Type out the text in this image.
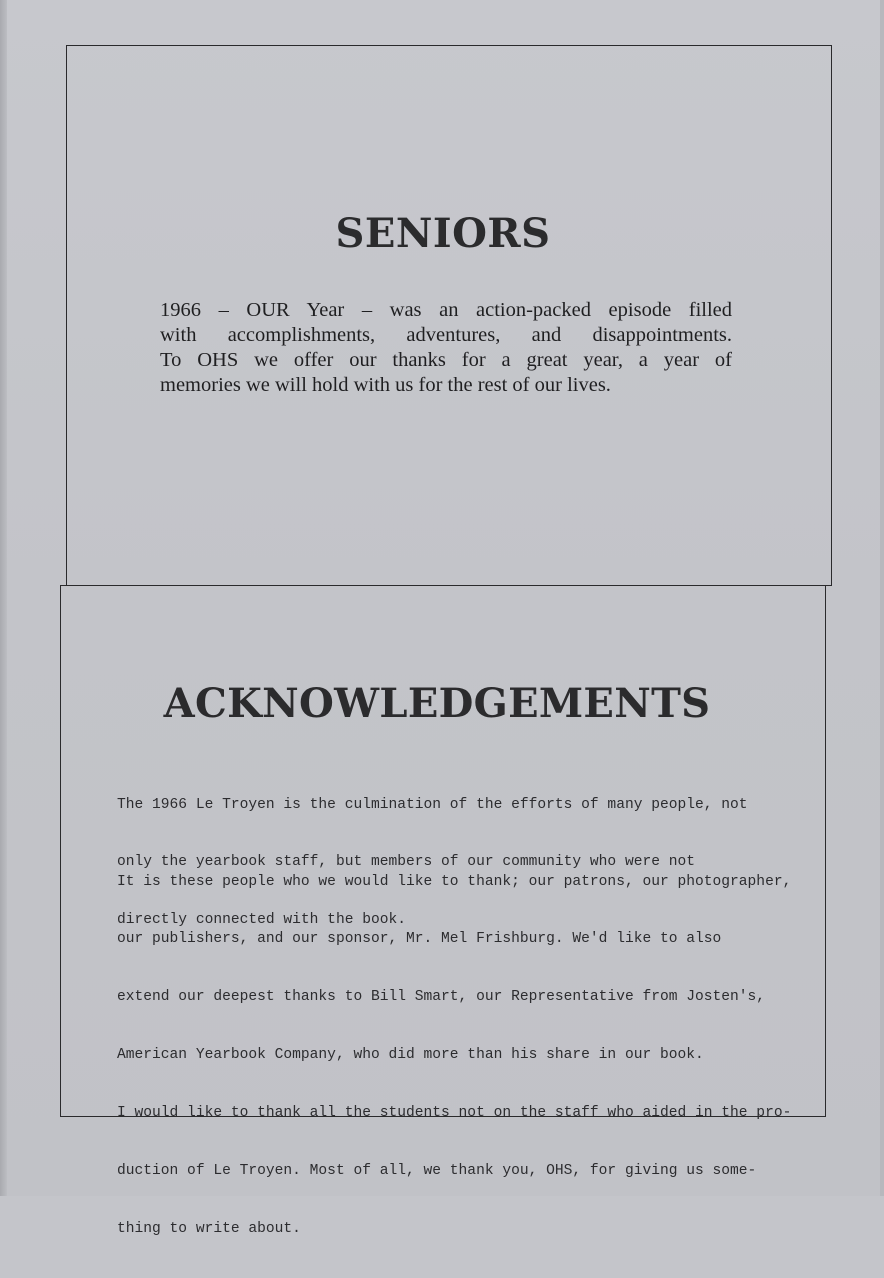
SENIORS
1966 – OUR Year – was an action-packed episode filled
with accomplishments, adventures, and disappointments.
To OHS we offer our thanks for a great year, a year of
memories we will hold with us for the rest of our lives.
ACKNOWLEDGEMENTS

The 1966 Le Troyen is the culmination of the efforts of many people, not

only the yearbook staff, but members of our community who were not

directly connected with the book.

It is these people who we would like to thank; our patrons, our photographer,

our publishers, and our sponsor, Mr. Mel Frishburg. We'd like to also

extend our deepest thanks to Bill Smart, our Representative from Josten's,

American Yearbook Company, who did more than his share in our book.

I would like to thank all the students not on the staff who aided in the pro-

duction of Le Troyen. Most of all, we thank you, OHS, for giving us some-

thing to write about.
